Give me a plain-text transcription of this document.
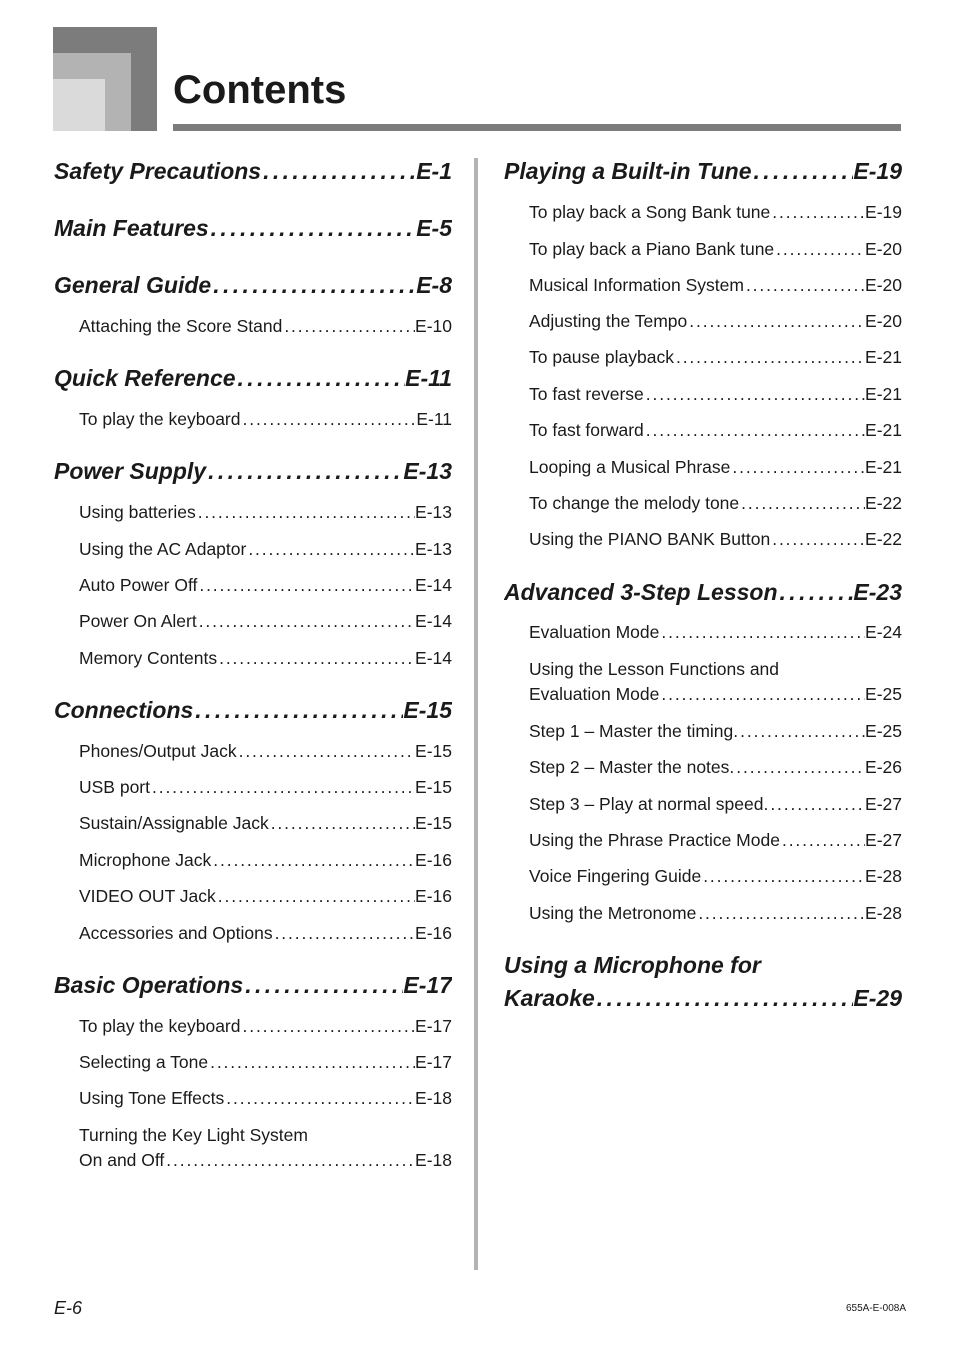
Contents
Safety Precautions . . .	E-1
Main Features . . .	E-5
General Guide . . .	E-8
Attaching the Score Stand . . .	E-10
Quick Reference . . .	E-11
To play the keyboard . . .	E-11
Power Supply . . .	E-13
Using batteries . . .	E-13
Using the AC Adaptor . . .	E-13
Auto Power Off . . .	E-14
Power On Alert . . .	E-14
Memory Contents . . .	E-14
Connections . . .	E-15
Phones/Output Jack . . .	E-15
USB port . . .	E-15
Sustain/Assignable Jack . . .	E-15
Microphone Jack . . .	E-16
VIDEO OUT Jack . . .	E-16
Accessories and Options . . .	E-16
Basic Operations . . .	E-17
To play the keyboard . . .	E-17
Selecting a Tone . . .	E-17
Using Tone Effects . . .	E-18
Turning the Key Light System
On and Off . . .	E-18
Playing a Built-in Tune . . .	E-19
To play back a Song Bank tune . . .	E-19
To play back a Piano Bank tune . . .	E-20
Musical Information System . . .	E-20
Adjusting the Tempo . . .	E-20
To pause playback . . .	E-21
To fast reverse . . .	E-21
To fast forward . . .	E-21
Looping a Musical Phrase . . .	E-21
To change the melody tone . . .	E-22
Using the PIANO BANK Button . . .	E-22
Advanced 3-Step Lesson . . .	E-23
Evaluation Mode . . .	E-24
Using the Lesson Functions and
Evaluation Mode . . .	E-25
Step 1 – Master the timing. . . .	E-25
Step 2 – Master the notes. . . .	E-26
Step 3 – Play at normal speed. . . .	E-27
Using the Phrase Practice Mode . . .	E-27
Voice Fingering Guide . . .	E-28
Using the Metronome . . .	E-28
Using a Microphone for
Karaoke . . .	E-29
E-6	655A-E-008A
